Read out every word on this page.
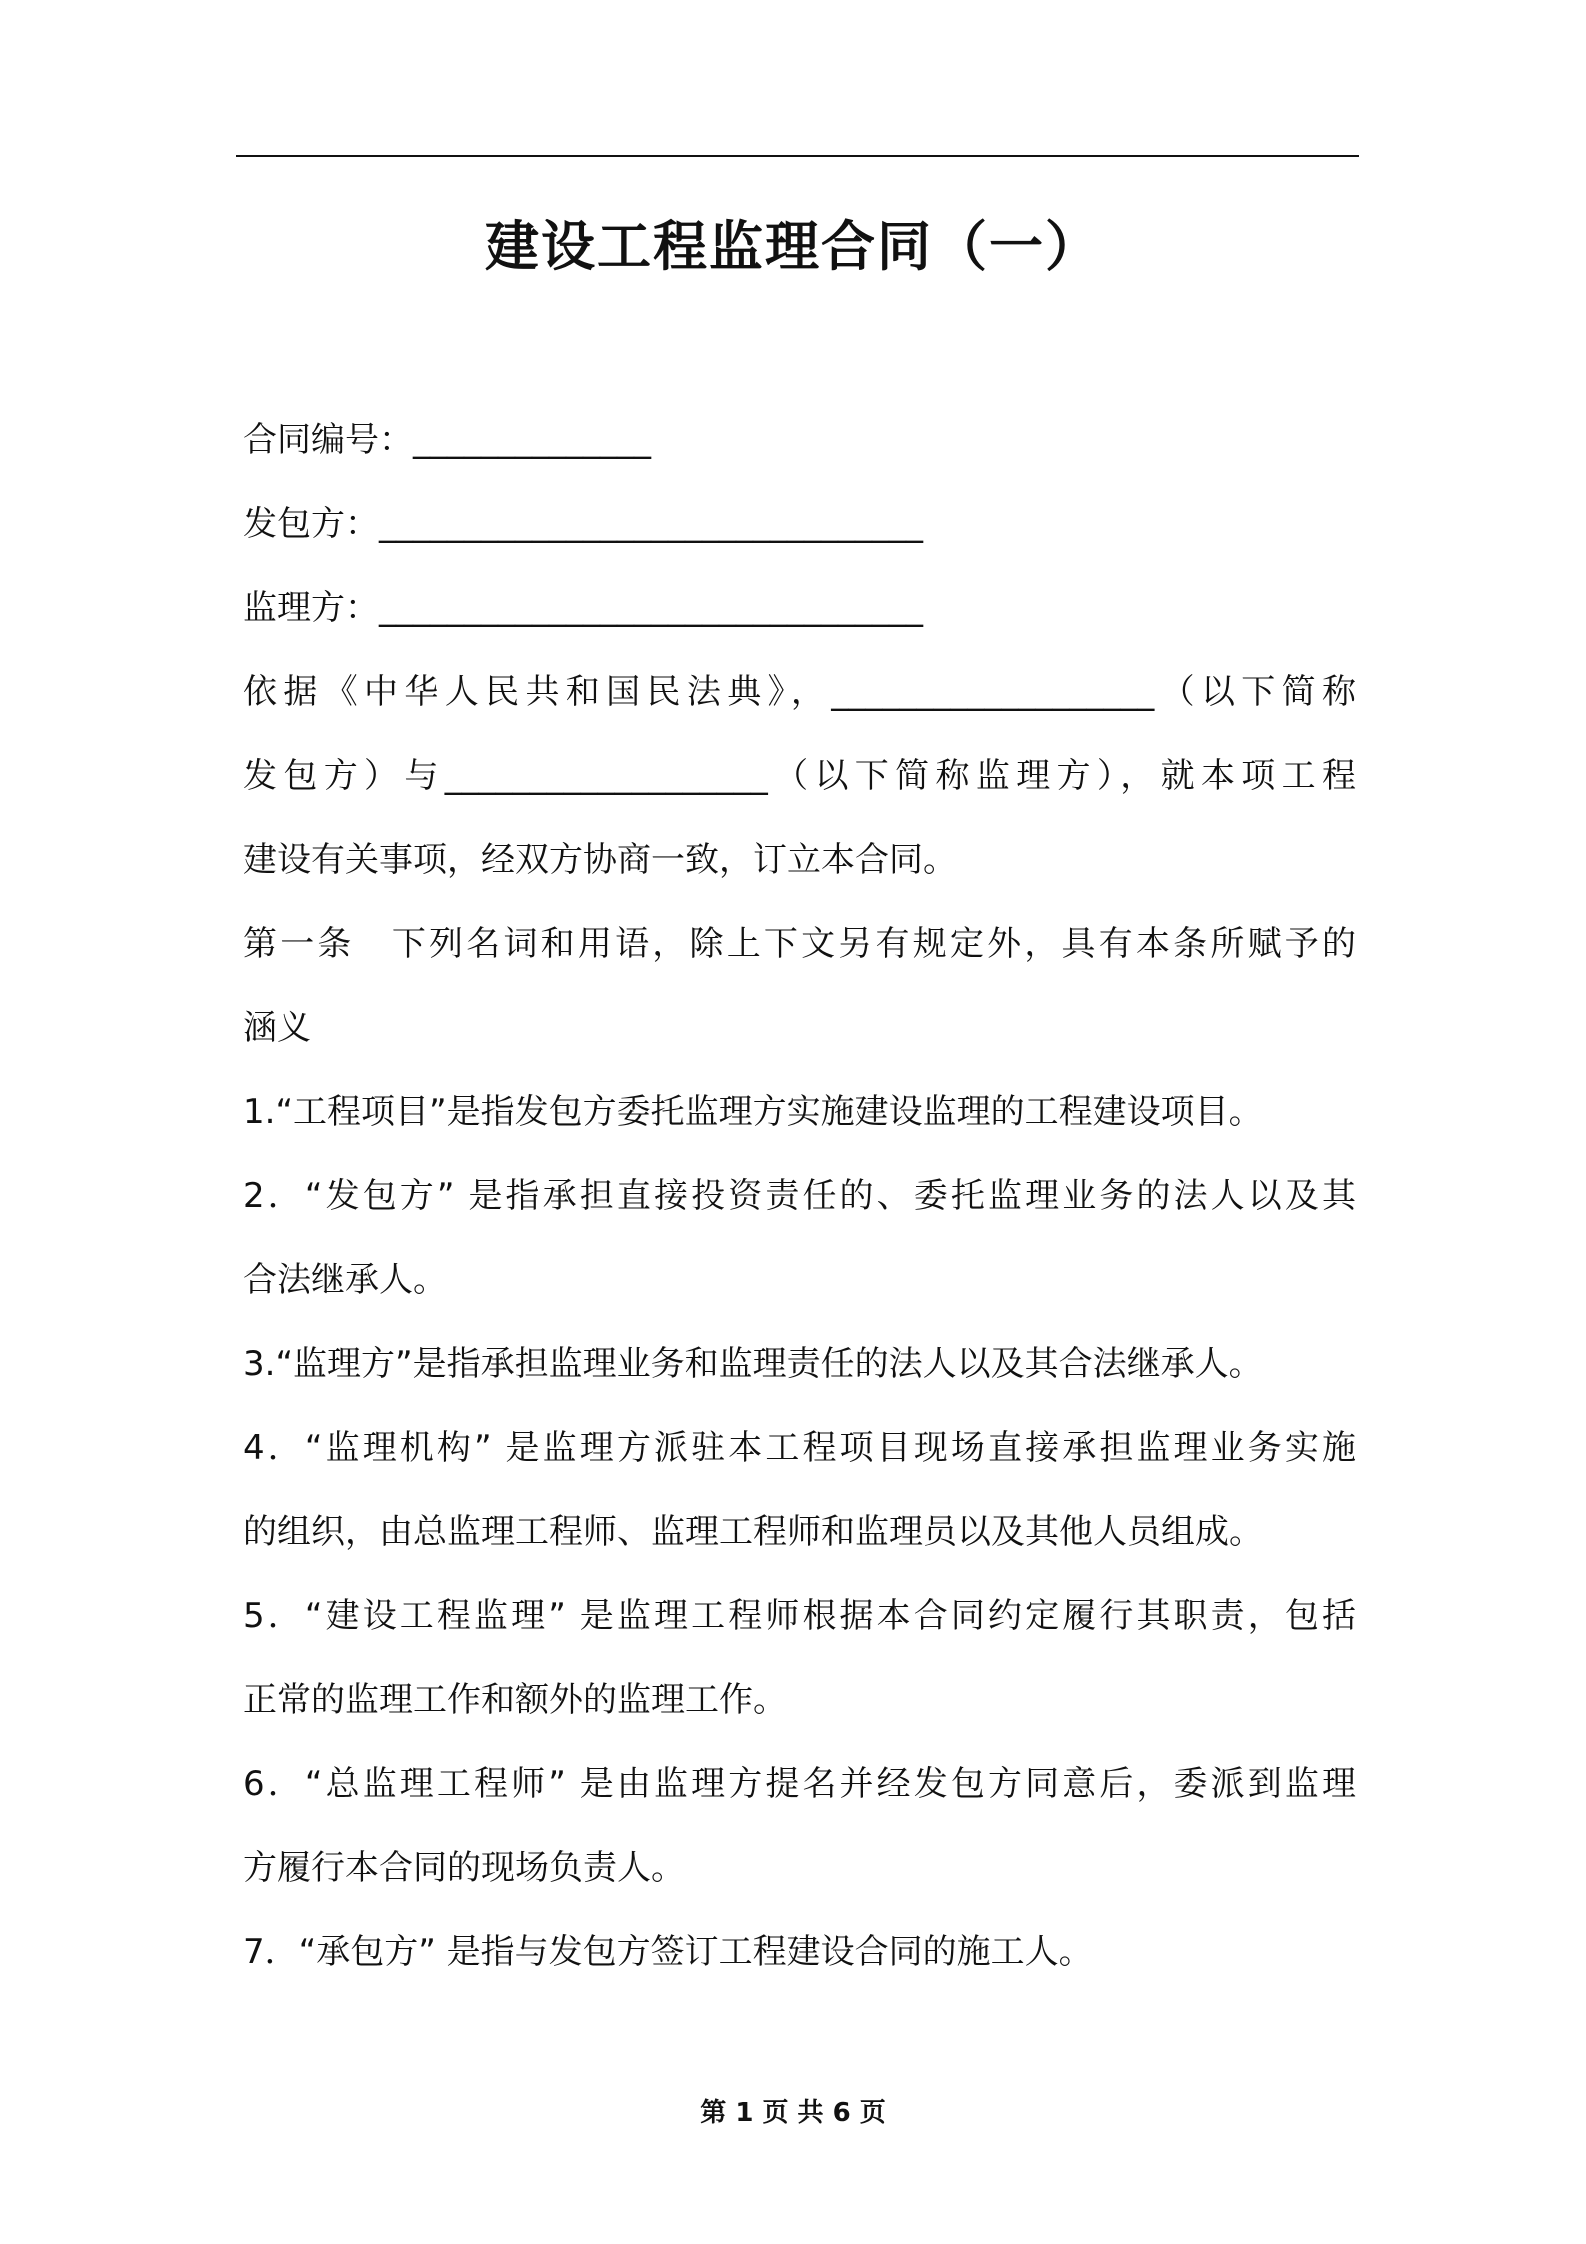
建设工程监理合同（一）
合同编号：______________
发包方：________________________________
监理方：________________________________
依据《中华人民共和国民法典》，___________________（以下简称
发包方）与___________________（以下简称监理方），就本项工程
建设有关事项，经双方协商一致，订立本合同。
第一条　下列名词和用语，除上下文另有规定外，具有本条所赋予的
涵义
1.“工程项目”是指发包方委托监理方实施建设监理的工程建设项目。
2．“发包方” 是指承担直接投资责任的、委托监理业务的法人以及其
合法继承人。
3.“监理方”是指承担监理业务和监理责任的法人以及其合法继承人。
4．“监理机构” 是监理方派驻本工程项目现场直接承担监理业务实施
的组织，由总监理工程师、监理工程师和监理员以及其他人员组成。
5．“建设工程监理” 是监理工程师根据本合同约定履行其职责，包括
正常的监理工作和额外的监理工作。
6．“总监理工程师” 是由监理方提名并经发包方同意后，委派到监理
方履行本合同的现场负责人。
7．“承包方” 是指与发包方签订工程建设合同的施工人。
第 1 页 共 6 页
